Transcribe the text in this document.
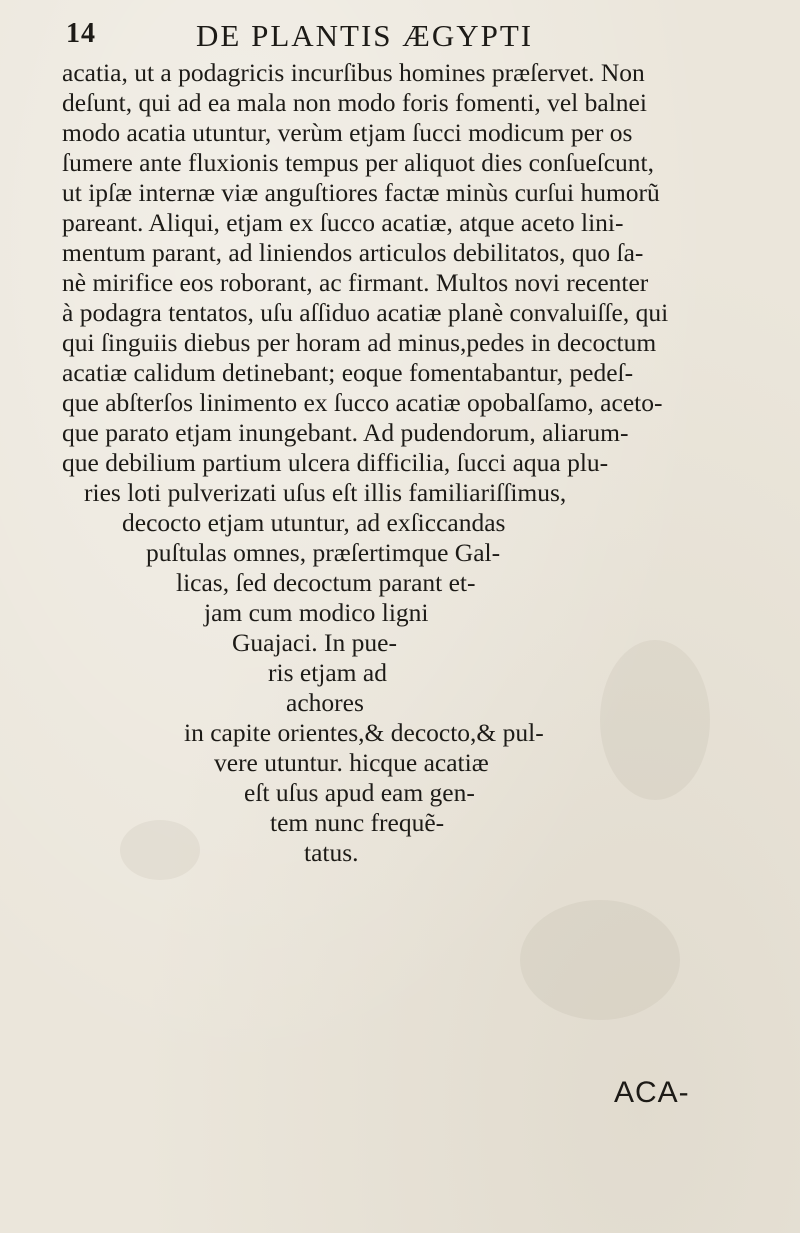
14	DE PLANTIS ÆGYPTI
acatia, ut a podagricis incurſibus homines præſervet. Non
deſunt, qui ad ea mala non modo foris fomenti, vel balnei
modo acatia utuntur, verùm etjam ſucci modicum per os
ſumere ante fluxionis tempus per aliquot dies conſueſcunt,
ut ipſæ internæ viæ anguſtiores factæ minùs curſui humorũ
pareant. Aliqui, etjam ex ſucco acatiæ, atque aceto lini-
mentum parant, ad liniendos articulos debilitatos, quo ſa-
nè mirifice eos roborant, ac firmant. Multos novi recenter
à podagra tentatos, uſu aſſiduo acatiæ planè convaluiſſe, qui
qui ſinguiis diebus per horam ad minus,pedes in decoctum
acatiæ calidum detinebant; eoque fomentabantur, pedeſ-
que abſterſos linimento ex ſucco acatiæ opobalſamo, aceto-
que parato etjam inungebant. Ad pudendorum, aliarum-
que debilium partium ulcera difficilia, ſucci aqua plu-
ries loti pulverizati uſus eſt illis familiariſſimus,
decocto etjam utuntur, ad exſiccandas
puſtulas omnes, præſertimque Gal-
licas, ſed decoctum parant et-
jam cum modico ligni
Guajaci. In pue-
ris etjam ad
achores
in capite orientes,& decocto,& pul-
vere utuntur. hicque acatiæ
eſt uſus apud eam gen-
tem nunc frequẽ-
tatus.
ACA-
